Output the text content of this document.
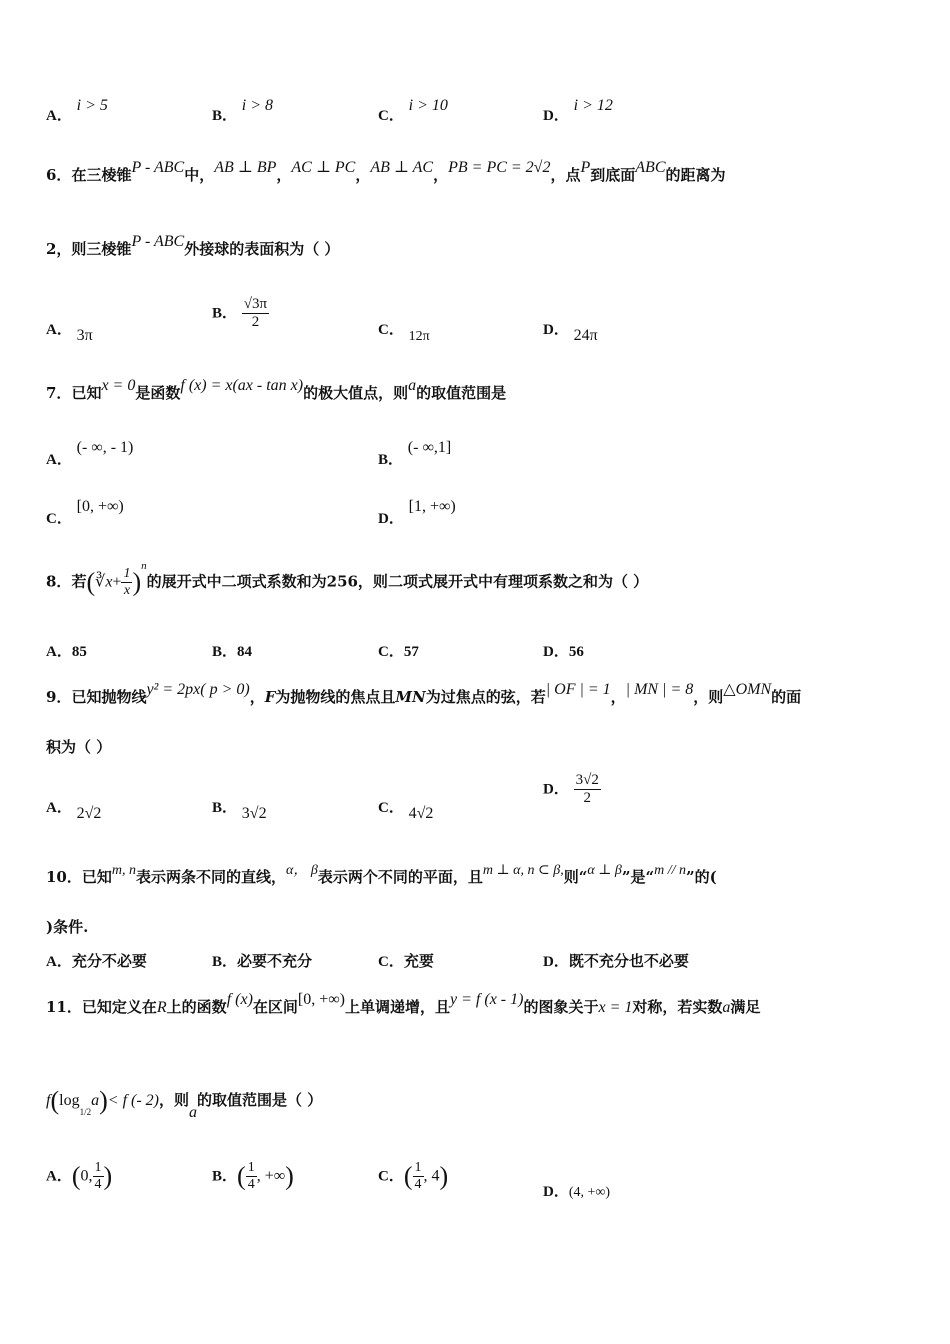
A． i > 5
B． i > 8
C． i > 10
D． i > 12
6．在三棱锥P - ABC中，AB ⊥ BP，AC ⊥ PC，AB ⊥ AC，PB = PC = 2√2，点P到底面ABC的距离为
2，则三棱锥P - ABC外接球的表面积为（ ）
A． 3π
B． $\frac{√3\pi}{2}$	C． 12π	D． 24π
7．已知x = 0是函数f (x) = x(ax - tan x)的极大值点，则a的取值范围是
A． (- ∞, - 1)
B． (- ∞,1]
C． [0, +∞)
D． [1, +∞)
8．若(∛x+ $\frac{1}{x} )^n$的展开式中二项式系数和为256，则二项式展开式中有理项系数之和为（ ）
A．85	B．84	C．57	D．56
9．已知抛物线y² = 2px( p > 0)，F为抛物线的焦点且MN为过焦点的弦，若| OF | = 1，| MN | = 8，则△OMN的面
积为（ ）
A． 2√2	B． 3√2	C． 4√2
D． $\frac{3√2}{2}$
10．已知m, n表示两条不同的直线，α， β表示两个不同的平面，且m ⊥ α, n ⊂ β,则“α ⊥ β”是“m // n”的(
)条件.
A．充分不必要	B．必要不充分	C．充要	D．既不充分也不必要
11．已知定义在R上的函数f (x)在区间[0, +∞)上单调递增，且y = f (x - 1)的图象关于x = 1对称，若实数a满足
$f(\log_{1/2}a)< f$ (- 2)，则a的取值范围是（ ）
A．(0, $\frac{1}{4}$ )	B．( $\frac{1}{4}$ , +∞)	C．( $\frac{1}{4}$ , 4)
D．(4, +∞)
